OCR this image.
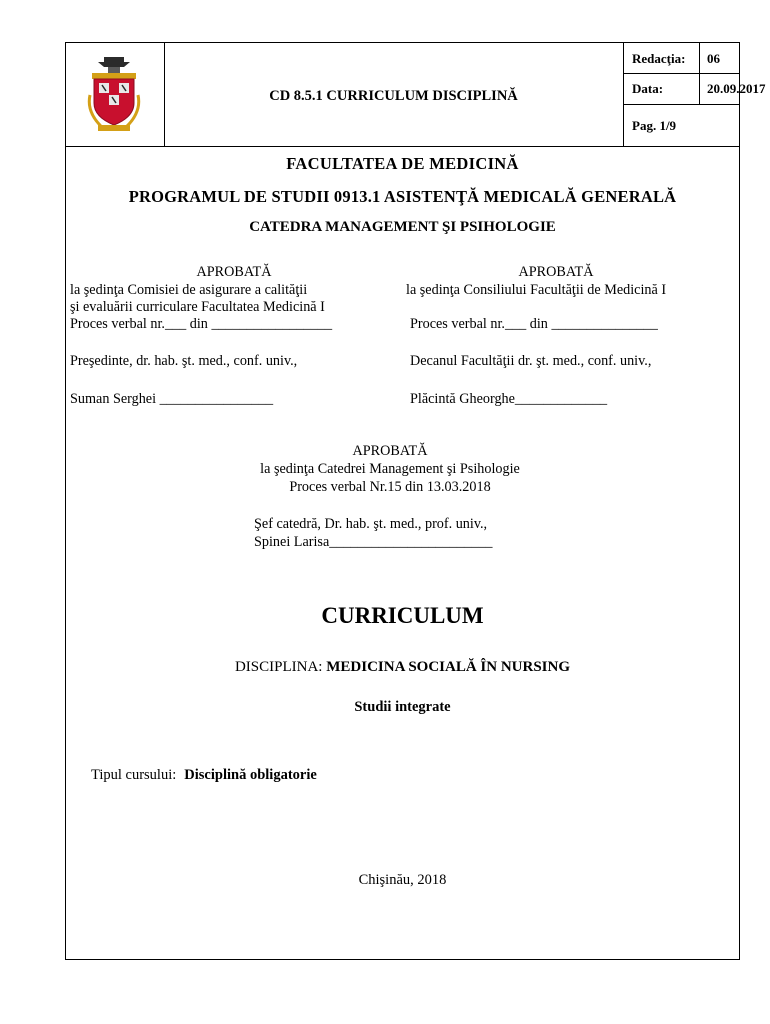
CD 8.5.1 CURRICULUM DISCIPLINĂ
Redacţia: 06
Data:	20.09.2017
Pag. 1/9
FACULTATEA DE MEDICINĂ
PROGRAMUL DE STUDII 0913.1 ASISTENŢĂ MEDICALĂ GENERALĂ
CATEDRA MANAGEMENT ŞI PSIHOLOGIE
APROBATĂ
la şedinţa Comisiei de asigurare a calităţii
şi evaluării curriculare Facultatea Medicină I
Proces verbal nr.___ din _________________
Preşedinte, dr. hab. şt. med., conf. univ.,
Suman Serghei ________________
APROBATĂ
la şedinţa Consiliului Facultăţii de Medicină I
Proces verbal nr.___ din _______________
Decanul Facultăţii dr. şt. med., conf. univ.,
Plăcintă Gheorghe_____________
APROBATĂ
la şedinţa Catedrei Management şi Psihologie
Proces verbal Nr.15 din 13.03.2018
Şef catedră, Dr. hab. şt. med., prof. univ.,
Spinei Larisa_______________________
CURRICULUM
DISCIPLINA: MEDICINA SOCIALĂ ÎN NURSING
Studii integrate
Tipul cursului: Disciplină obligatorie
Chişinău, 2018
